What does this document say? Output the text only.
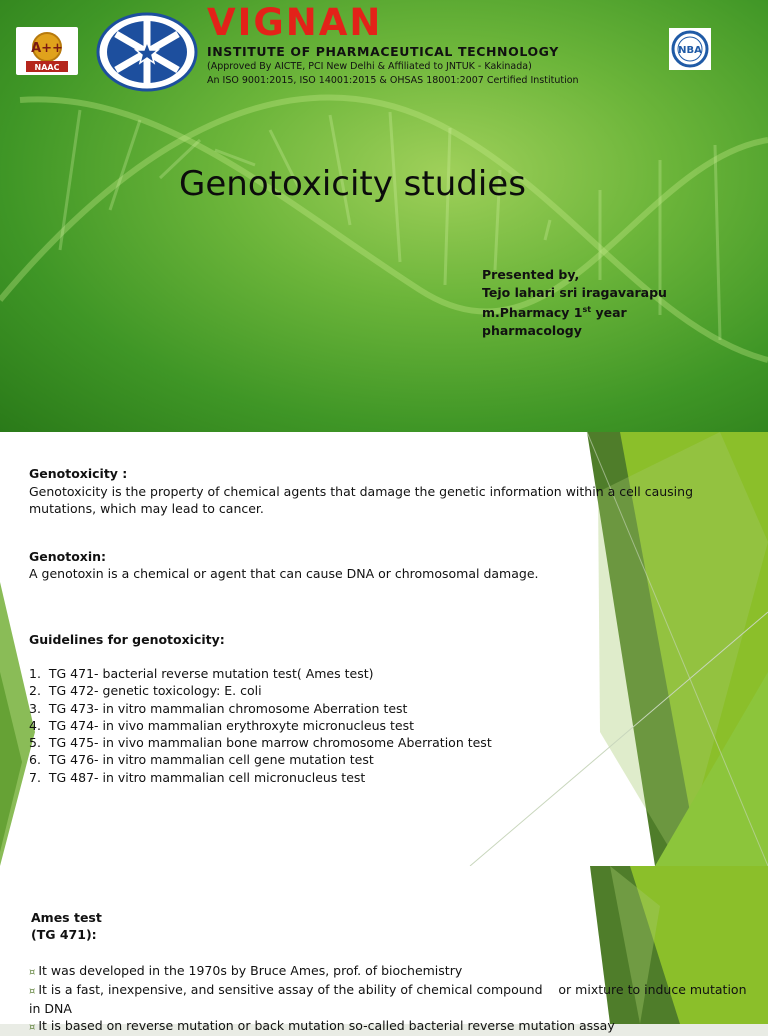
A++
NAAC
VIGNAN
INSTITUTE OF PHARMACEUTICAL TECHNOLOGY
(Approved By AICTE, PCI New Delhi & Affiliated to JNTUK - Kakinada)
An ISO 9001:2015, ISO 14001:2015 & OHSAS 18001:2007 Certified Institution
NBA
Genotoxicity studies
Presented by,
Tejo lahari sri iragavarapu
m.Pharmacy 1st year
pharmacology
Genotoxicity :
Genotoxicity is the property of chemical agents that damage the genetic information within a cell causing mutations, which may lead to cancer.
Genotoxin:
A genotoxin is a chemical or agent that can cause DNA or chromosomal damage.
Guidelines for genotoxicity:
1. TG 471- bacterial reverse mutation test( Ames test)
2. TG 472- genetic toxicology: E. coli
3. TG 473- in vitro mammalian chromosome Aberration test
4. TG 474- in vivo mammalian erythroxyte micronucleus test
5. TG 475- in vivo mammalian bone marrow chromosome Aberration test
6. TG 476- in vitro mammalian cell gene mutation test
7. TG 487- in vitro mammalian cell micronucleus test
Ames test
(TG 471):
¤ It was developed in the 1970s by Bruce Ames, prof. of biochemistry
¤ It is a fast, inexpensive, and sensitive assay of the ability of chemical compound    or mixture to induce mutation in DNA
¤ It is based on reverse mutation or back mutation so-called bacterial reverse mutation assay
